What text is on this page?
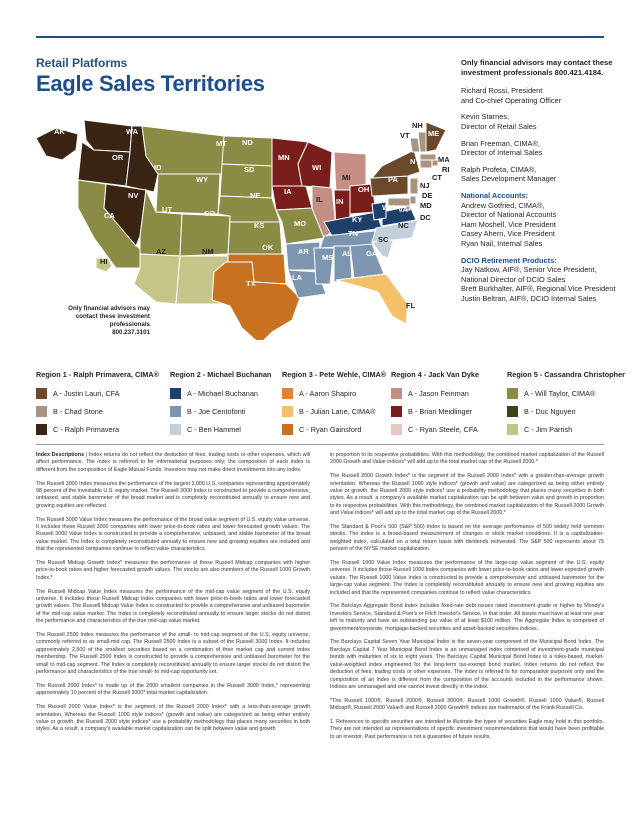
Retail Platforms
Eagle Sales Territories
AK	WA
OR
CA
ID
NV
MT
WY
UT
AZ
HI
CO
NM
ND
SD
NE
KS
OK
TX
MN
IA
MO
AR
LA
WI
IL
MI
IN
OH
KY
TN
MS AL GA
FL
SC
NC
VA
WV
PA
NY
VT
NH
ME
MA
RI
CT
NJ
DE
MD
DC
Only financial advisors may
contact these investment professionals
800.237.3101
Only financial advisors may contact these
investment professionals 800.421.4184.
Richard Rossi, President
and Co-chief Operating Officer
Kevin Starnes,
Director of Retail Sales
Brian Freeman, CIMA®,
Director of Internal Sales
Ralph Profeta, CIMA®,
Sales Development Manager
National Accounts:
Andrew Gotfried, CIMA®,
Director of National Accounts
Ham Moshell, Vice President
Casey Ahern, Vice President
Ryan Nail, Internal Sales
DCIO Retirement Products:
Jay Natkow, AIF®, Senior Vice President,
National Director of DCIO Sales
Brett Burkhalter, AIF®, Regional Vice President
Justin Beltran, AIF®, DCIO Internal Sales
Region 1 - Ralph Primavera, CIMA®
A - Justin Lauri, CFA
B - Chad Stone
C - Ralph Primavera
Region 2 - Michael Buchanan
A - Michael Buchanan
B - Joe Centofonti
C - Ben Hammel
Region 3 - Pete Wehle, CIMA®
A - Aaron Shapiro
B - Julian Lane, CIMA®
C - Ryan Gainsford
Region 4 - Jack Van Dyke
A - Jason Feinman
B - Brian Meidlinger
C - Ryan Steele, CFA
Region 5 - Cassandra Christopher
A - Will Taylor, CIMA®
B - Duc Nguyen
C - Jim Parrish

Index Descriptions | Index returns do not reflect the deduction of fees, trading costs or other expenses, which will affect performance. The index is referred to for informational purposes only; the composition of each index is different from the composition of Eagle Mutual Funds. Investors may not make direct investments into any index.

The Russell 3000 Index measures the performance of the largest 3,000 U.S. companies representing approximately 98 percent of the investable U.S. equity market. The Russell 3000 Index is constructed to provide a comprehensive, unbiased, and stable barometer of the broad market and is completely reconstituted annually to ensure new and growing equities are reflected.

The Russell 3000 Value Index measures the performance of the broad value segment of U.S. equity value universe. It includes those Russell 3000 companies with lower price-to-book ratios and lower forecasted growth values. The Russell 3000 Value Index is constructed to provide a comprehensive, unbiased, and stable barometer of the broad value market. The Index is completely reconstituted annually to ensure new and growing equities are included and that the represented companies continue to reflect value characteristics.

The Russell Midcap Growth Index* measures the performance of those Russell Midcap companies with higher price-to-book ratios and higher forecasted growth values. The stocks are also members of the Russell 1000 Growth Index.*

The Russell Midcap Value Index measures the performance of the mid-cap value segment of the U.S. equity universe. It includes those Russell Midcap Index companies with lower price-to-book ratios and lower forecasted growth values. The Russell Midcap Value Index is constructed to provide a comprehensive and unbiased barometer of the mid-cap value market. The Index is completely reconstituted annually to ensure larger stocks do not distort the performance and characteristics of the true mid-cap value market.

The Russell 2500 Index measures the performance of the small- to mid-cap segment of the U.S. equity universe, commonly referred to as small-mid cap. The Russell 2500 Index is a subset of the Russell 3000 Index. It includes approximately 2,500 of the smallest securities based on a combination of their market cap and current index membership. The Russell 2500 Index is constructed to provide a comprehensive and unbiased barometer for the small to mid-cap segment. The Index is completely reconstituted annually to ensure larger stocks do not distort the performance and characteristics of the true small- to mid-cap opportunity set.

The Russell 2000 Index* is made up of the 2000 smallest companies in the Russell 3000 Index,* representing approximately 10 percent of the Russell 3000* total market capitalization.

The Russell 2000 Value Index* is the segment of the Russell 2000 Index* with a less-than-average growth orientation. Whereas the Russell 1000 style indices* (growth and value) are categorized as being either entirely value or growth, the Russell 2000 style indices* use a probability methodology that places many securities in both styles. As a result, a company's available market capitalization can be split between value and growth

in proportion to its respective probabilities. With this methodology, the combined market capitalization of the Russell 2000 Growth and Value indices* will add up to the total market cap of the Russell 2000.*

The Russell 2000 Growth Index* is the segment of the Russell 2000 Index* with a greater-than-average growth orientation. Whereas the Russell 1000 style indices* (growth and value) are categorized as being either entirely value or growth, the Russell 2000 style indices* use a probability methodology that places many securities in both styles. As a result, a company's available market capitalization can be split between value and growth in proportion to its respective probabilities. With this methodology, the combined market capitalization of the Russell 2000 Growth and Value indices* will add up to the total market cap of the Russell 2000.*

The Standard & Poor's 500 (S&P 500) Index is based on the average performance of 500 widely held common stocks. The index is a broad-based measurement of changes in stock market conditions. It is a capitalization-weighted index, calculated on a total return basis with dividends reinvested. The S&P 500 represents about 75 percent of the NYSE market capitalization.

The Russell 1000 Value Index measures the performance of the large-cap value segment of the U.S. equity universe. It includes those Russell 1000 Index companies with lower price-to-book ratios and lower expected growth values. The Russell 1000 Value Index is constructed to provide a comprehensive and unbiased barometer for the large-cap value segment. The Index is completely reconstituted annually to ensure new and growing equities are included and that the represented companies continue to reflect value characteristics

The Barclays Aggregate Bond Index includes fixed-rate debt issues rated investment grade or higher by Moody's Investors Service, Standard & Poor's or Fitch Investor's Service, in that order. All issues must have at least one year left to maturity and have an outstanding par value of at least $100 million. The Aggregate Index is comprised of government/corporate, mortgage-backed securities and asset-backed securities indices.

The Barclays Capital Seven Year Municipal Index is the seven-year component of the Municipal Bond Index. The Barclays Capital 7 Year Municipal Bond Index is an unmanaged index comprised of investment-grade municipal bonds with maturities of six to eight years. The Barclays Capital Municipal Bond Index is a rules-based, market-value-weighted index engineered for the long-term tax-exempt bond market. Index returns do not reflect the deduction of fees, trading costs or other expenses. The index is referred to for comparative purposes only and the composition of an index is different from the composition of the accounts included in the performance shown. Indices are unmanaged and one cannot invest directly in the index.

*The Russell 1000®, Russell 2000®, Russell 3000®, Russell 1000 Growth®, Russell 1000 Value®, Russell Midcap®, Russell 2000 Value® and Russell 2000 Growth® indices are trademarks of the Frank Russell Co.

1. References to specific securities are intended to illustrate the types of securities Eagle may hold in this portfolio. They are not intended as representations of specific investment recommendations that would have been profitable to an investor. Past performance is not a guarantee of future results.
